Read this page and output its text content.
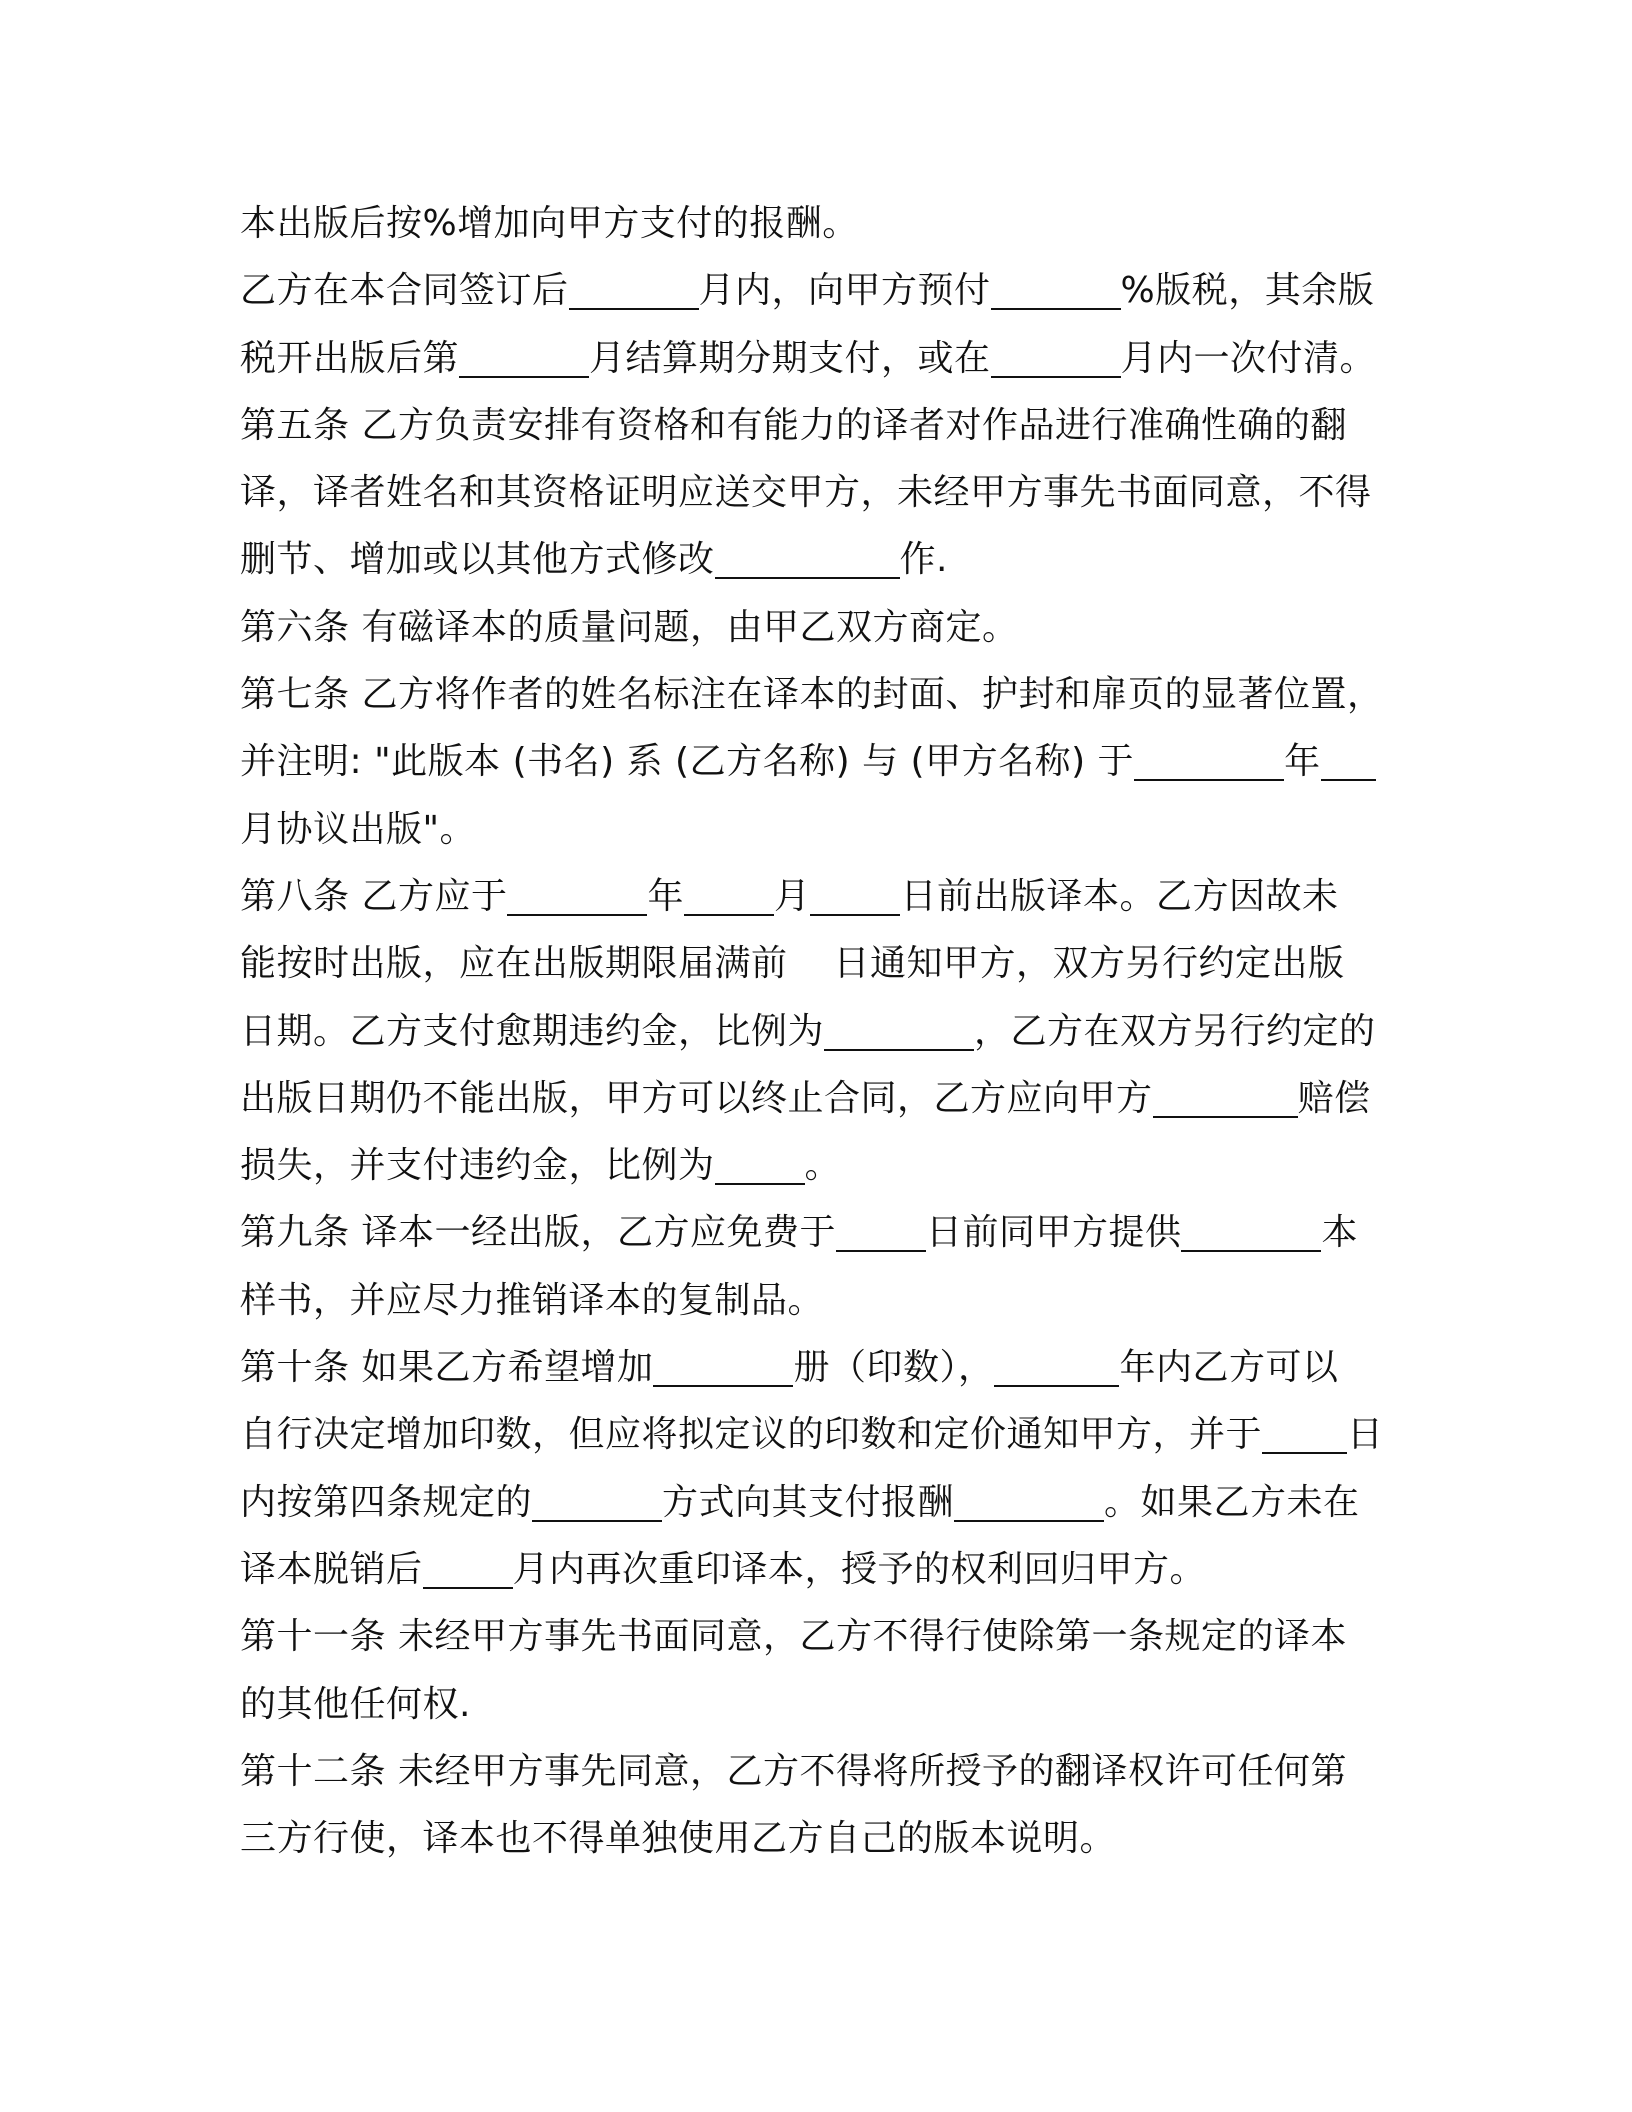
本出版后按%增加向甲方支付的报酬。
乙方在本合同签订后	月内，向甲方预付	%版税，其余版
税开出版后第	月结算期分期支付，或在	月内一次付清。
第五条 乙方负责安排有资格和有能力的译者对作品进行准确性确的翻
译，译者姓名和其资格证明应送交甲方，未经甲方事先书面同意，不得
删节、增加或以其他方式修改	作.
第六条 有磁译本的质量问题，由甲乙双方商定。
第七条 乙方将作者的姓名标注在译本的封面、护封和扉页的显著位置，
并注明: "此版本 (书名) 系 (乙方名称) 与 (甲方名称) 于	年
月协议出版"。
第八条 乙方应于	年	月	日前出版译本。乙方因故未
能按时出版，应在出版期限届满前 日通知甲方，双方另行约定出版
日期。乙方支付愈期违约金，比例为	，乙方在双方另行约定的
出版日期仍不能出版，甲方可以终止合同，乙方应向甲方	赔偿
损失，并支付违约金，比例为	。
第九条 译本一经出版，乙方应免费于	日前同甲方提供	本
样书，并应尽力推销译本的复制品。
第十条 如果乙方希望增加	册（印数），	年内乙方可以
自行决定增加印数，但应将拟定议的印数和定价通知甲方，并于 日
内按第四条规定的	方式向其支付报酬	。如果乙方未在
译本脱销后	月内再次重印译本，授予的权利回归甲方。
第十一条 未经甲方事先书面同意，乙方不得行使除第一条规定的译本
的其他任何权.
第十二条 未经甲方事先同意，乙方不得将所授予的翻译权许可任何第
三方行使，译本也不得单独使用乙方自己的版本说明。
